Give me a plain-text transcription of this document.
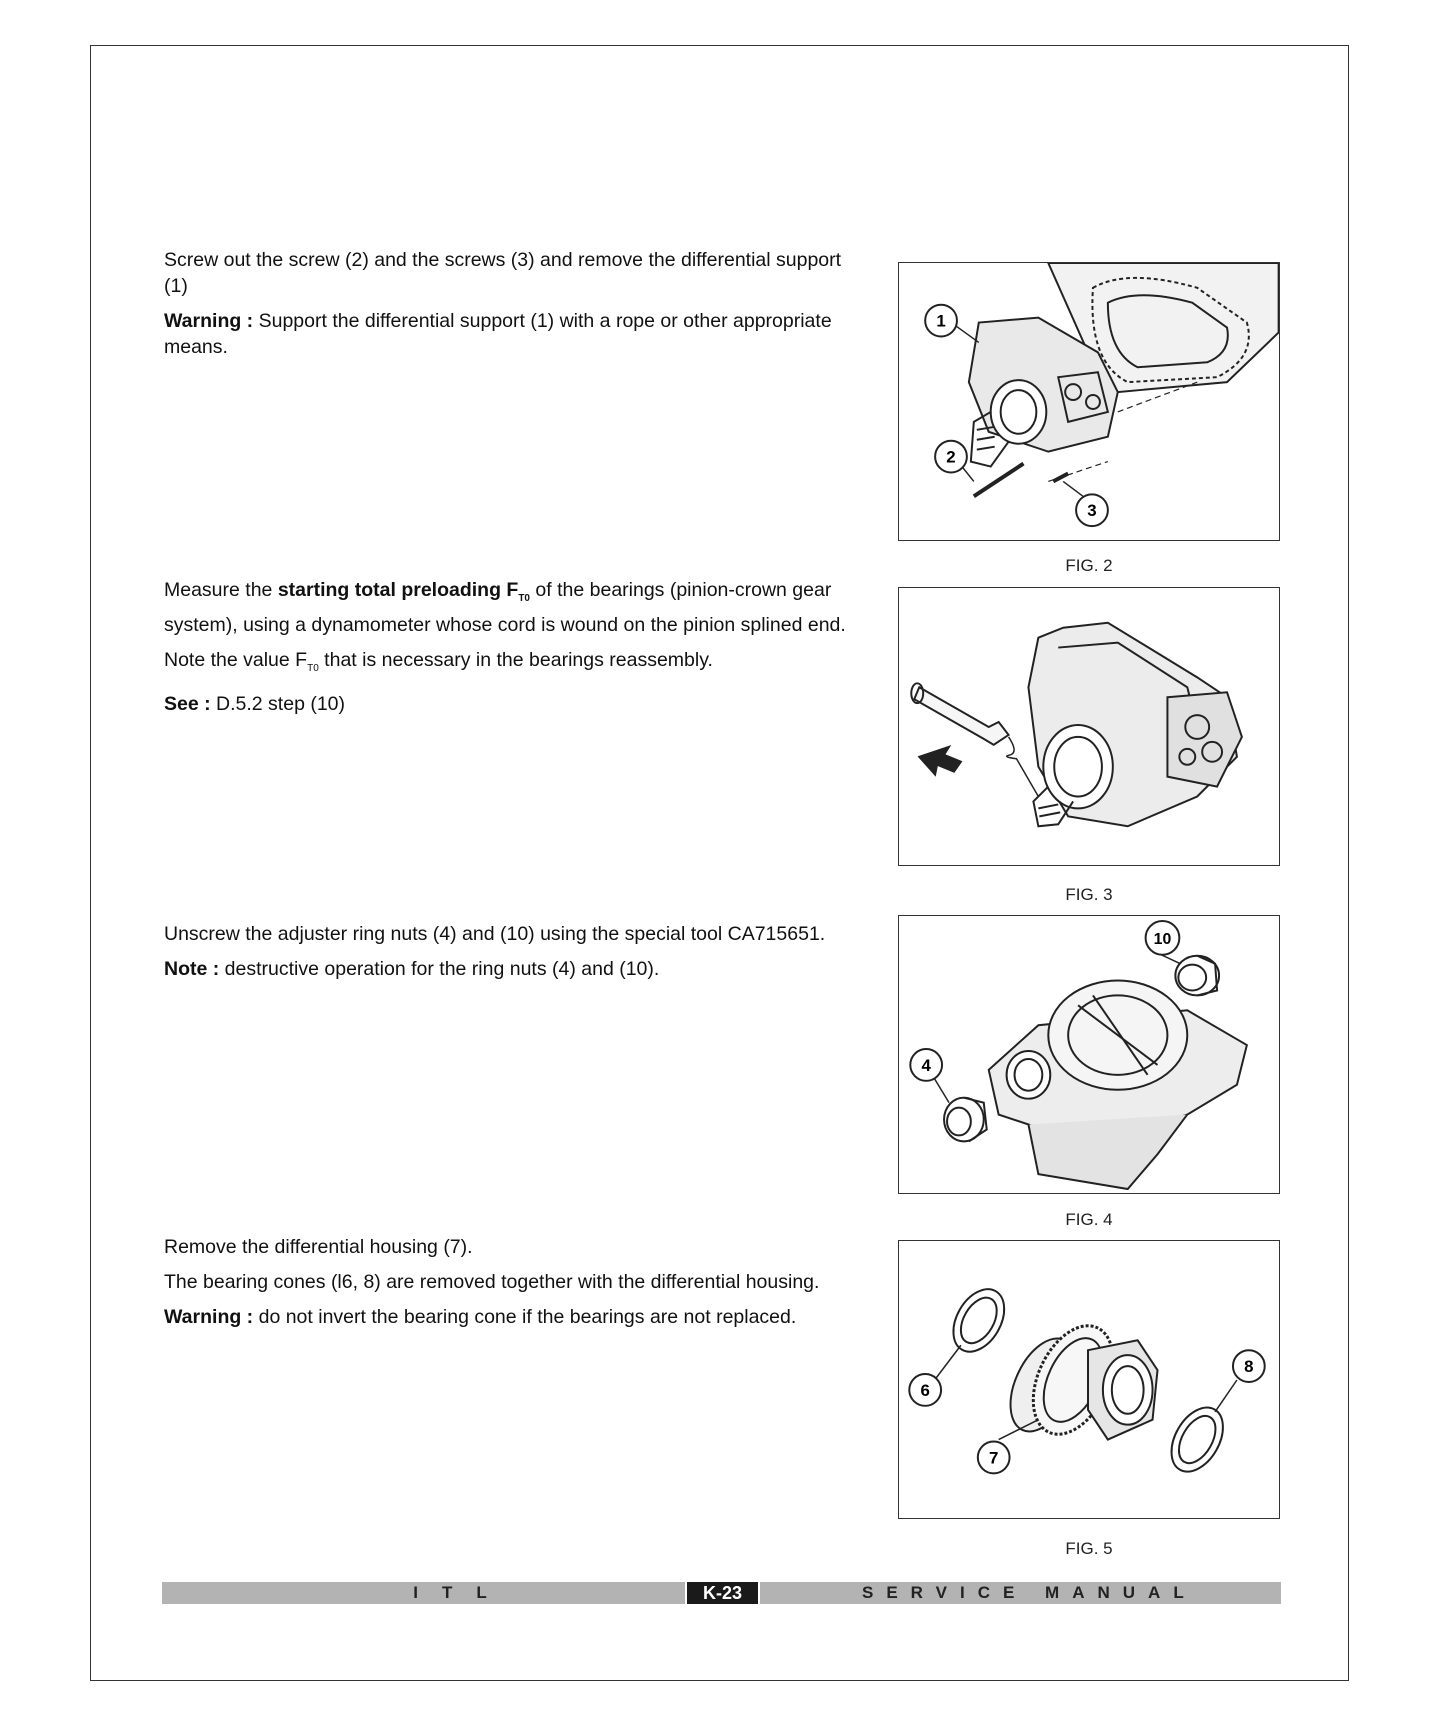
Screw out the screw (2) and the screws (3) and remove the differential support (1)

Warning : Support the differential support (1) with a rope or other appropriate means.

1
2
3
FIG. 2

Measure the starting total preloading $F_{T0}$ of the bearings (pinion-crown gear system), using a dynamometer whose cord is wound on the pinion splined end.

Note the value $F_{T0}$ that is necessary in the bearings reassembly.

See : D.5.2 step (10)

FIG. 3

Unscrew the adjuster ring nuts (4) and (10) using the special tool CA715651.

Note : destructive operation for the ring nuts (4) and (10).

10
4
FIG. 4

Remove the differential housing (7).

The bearing cones (l6, 8) are removed together with the differential housing.

Warning : do not invert the bearing cone if the bearings are not replaced.

6
7
8
FIG. 5
ITL	K-23	SERVICE MANUAL
